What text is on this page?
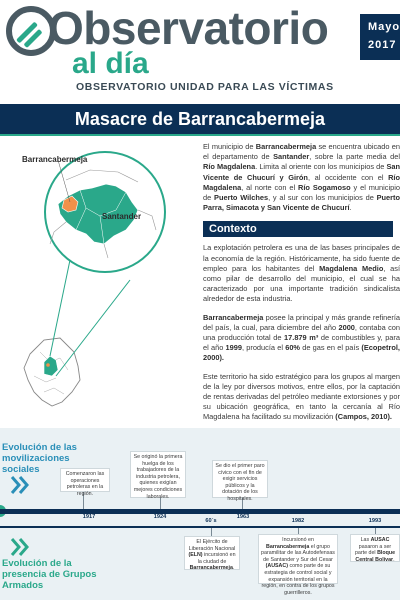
Observatorio
al día
OBSERVATORIO UNIDAD PARA LAS VÍCTIMAS
Mayo
2017
Masacre de Barrancabermeja
Barrancabermeja
Santander

El municipio de Barrancabermeja se encuentra ubicado en el departamento de Santander, sobre la parte media del Río Magdalena. Limita al oriente con los municipios de San Vicente de Chucurí y Girón, al occidente con el Río Magdalena, al norte con el Río Sogamoso y el municipio de Puerto Wilches, y al sur con los municipios de Puerto Parra, Simacota y San Vicente de Chucurí.

Contexto

La explotación petrolera es una de las bases principales de la economía de la región. Históricamente, ha sido fuente de empleo para los habitantes del Magdalena Medio, así como pilar de desarrollo del municipio, el cual se ha caracterizado por una importante tradición sindicalista alrededor de esta industria.

Barrancabermeja posee la principal y más grande refinería del país, la cual, para diciembre del año 2000, contaba con una producción total de 17.879 m³ de combustibles y, para el año 1999, producía el 60% de gas en el país (Ecopetrol, 2000).

Este territorio ha sido estratégico para los grupos al margen de la ley por diversos motivos, entre ellos, por la captación de rentas derivadas del petróleo mediante extorsiones y por su ubicación geográfica, en tanto la cercanía al Río Magdalena ha facilitado su movilización (Campos, 2010).

Evolución de las movilizaciones sociales	Comenzaron las operaciones petroleras en la región.
Se originó la primera huelga de los trabajadores de la industria petrolera, quienes exigían mejores condiciones laborales.
Se dio el primer paro cívico con el fin de exigir servicios públicos y la dotación de los hospitales.
1917	1924	1963
60´s	1982	1993
El Ejército de Liberación Nacional (ELN) incursionó en la ciudad de Barrancabermeja.
Incursionó en Barrancabermeja el grupo paramilitar de las Autodefensas de Santander y Sur del Cesar (AUSAC) como parte de su estrategia de control social y expansión territorial en la región, en contra de los grupos guerrilleros.
Las AUSAC pasaron a ser parte del Bloque Central Bolívar.
Evolución de la presencia de Grupos Armados
